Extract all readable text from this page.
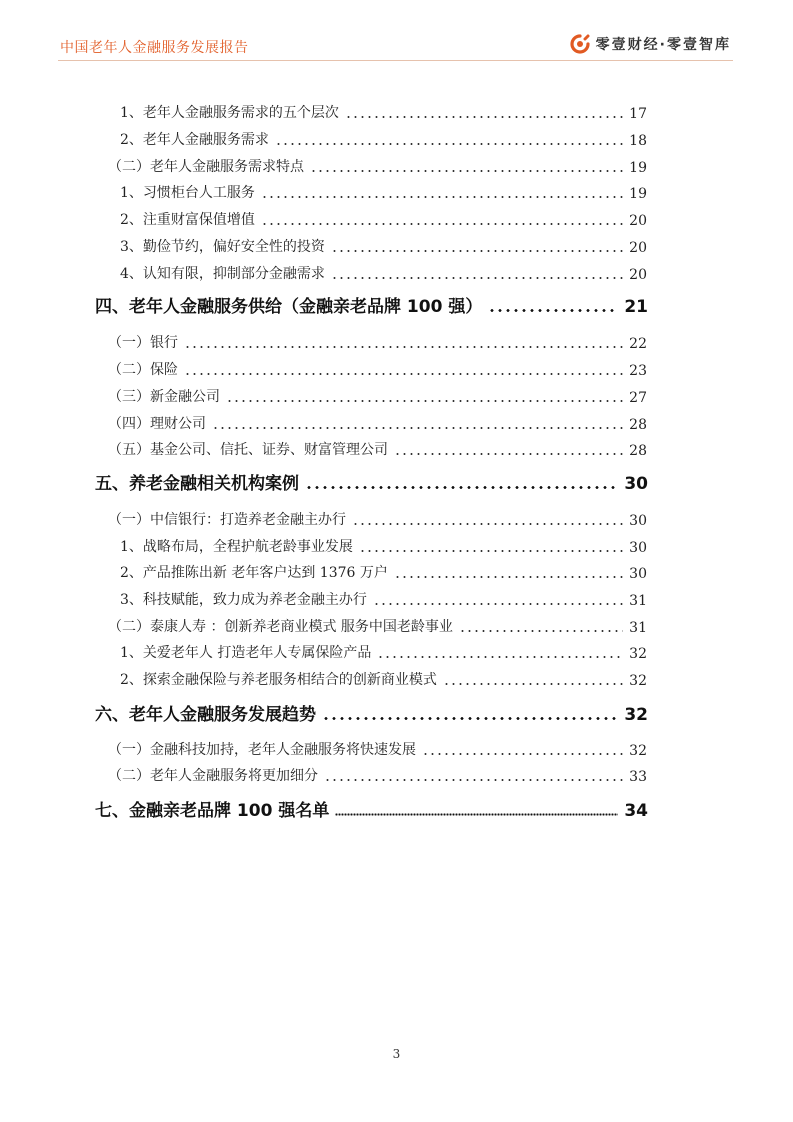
中国老年人金融服务发展报告	零壹财经·零壹智库
1、老年人金融服务需求的五个层次	17
2、老年人金融服务需求	18
（二）老年人金融服务需求特点	19
1、习惯柜台人工服务	19
2、注重财富保值增值	20
3、勤俭节约，偏好安全性的投资	20
4、认知有限，抑制部分金融需求	20
四、老年人金融服务供给（金融亲老品牌 100 强）	21
（一）银行	22
（二）保险	23
（三）新金融公司	27
（四）理财公司	28
（五）基金公司、信托、证券、财富管理公司	28
五、养老金融相关机构案例	30
（一）中信银行：打造养老金融主办行	30
1、战略布局，全程护航老龄事业发展	30
2、产品推陈出新 老年客户达到 1376 万户	30
3、科技赋能，致力成为养老金融主办行	31
（二）泰康人寿 ：创新养老商业模式 服务中国老龄事业	31
1、关爱老年人 打造老年人专属保险产品	32
2、探索金融保险与养老服务相结合的创新商业模式	32
六、老年人金融服务发展趋势	32
（一）金融科技加持，老年人金融服务将快速发展	32
（二）老年人金融服务将更加细分	33
七、金融亲老品牌 100 强名单	34
3
